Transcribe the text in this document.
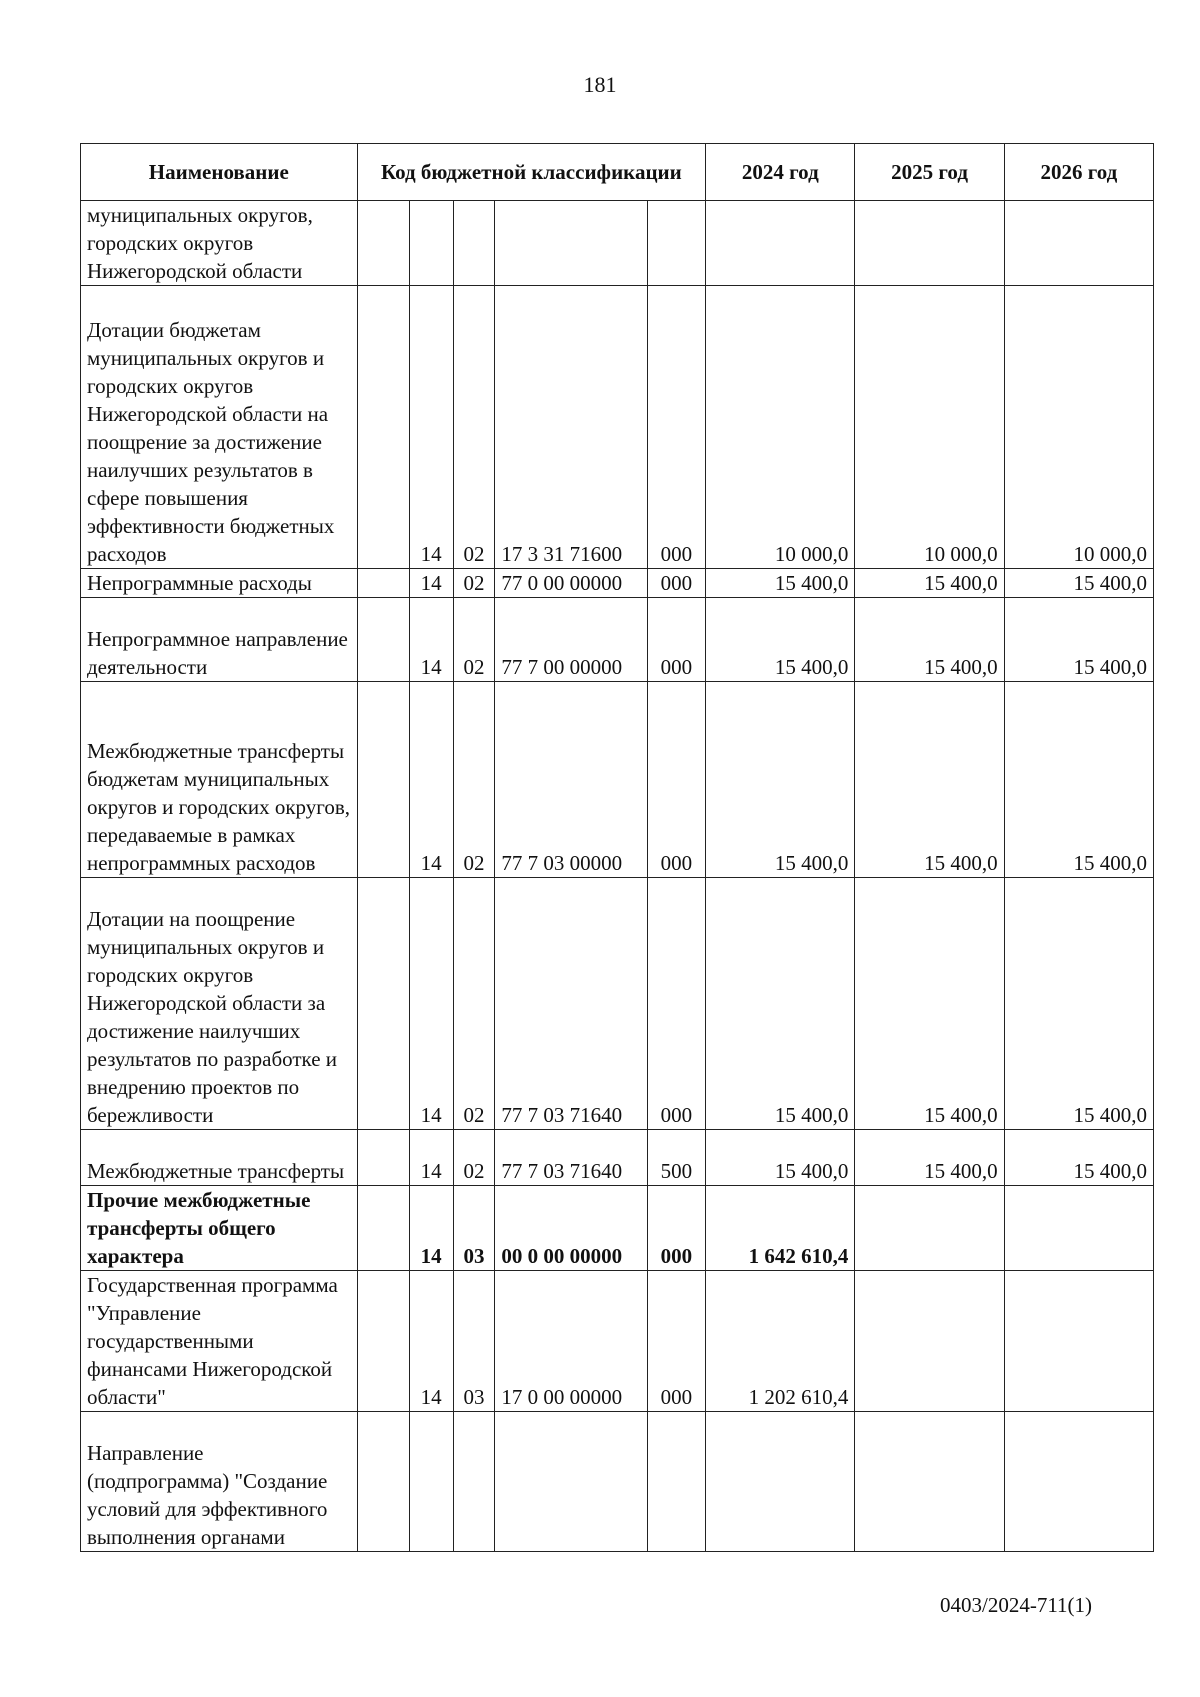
181
Наименование	Код бюджетной классификации					2024 год	2025 год	2026 год
муниципальных округов, городских округов Нижегородской области								
Дотации бюджетам муниципальных округов и городских округов Нижегородской области на поощрение за достижение наилучших результатов в сфере повышения эффективности бюджетных расходов		14	02	17 3 31 71600	000	10 000,0	10 000,0	10 000,0
Непрограммные расходы		14	02	77 0 00 00000	000	15 400,0	15 400,0	15 400,0
Непрограммное направление деятельности		14	02	77 7 00 00000	000	15 400,0	15 400,0	15 400,0
Межбюджетные трансферты бюджетам муниципальных округов и городских округов, передаваемые в рамках непрограммных расходов		14	02	77 7 03 00000	000	15 400,0	15 400,0	15 400,0
Дотации на поощрение муниципальных округов и городских округов Нижегородской области за достижение наилучших результатов по разработке и внедрению проектов по бережливости		14	02	77 7 03 71640	000	15 400,0	15 400,0	15 400,0
Межбюджетные трансферты		14	02	77 7 03 71640	500	15 400,0	15 400,0	15 400,0
Прочие межбюджетные трансферты общего характера		14	03	00 0 00 00000	000	1 642 610,4		
Государственная программа "Управление государственными финансами Нижегородской области"		14	03	17 0 00 00000	000	1 202 610,4		
Направление (подпрограмма) "Создание условий для эффективного выполнения органами								
0403/2024-711(1)
